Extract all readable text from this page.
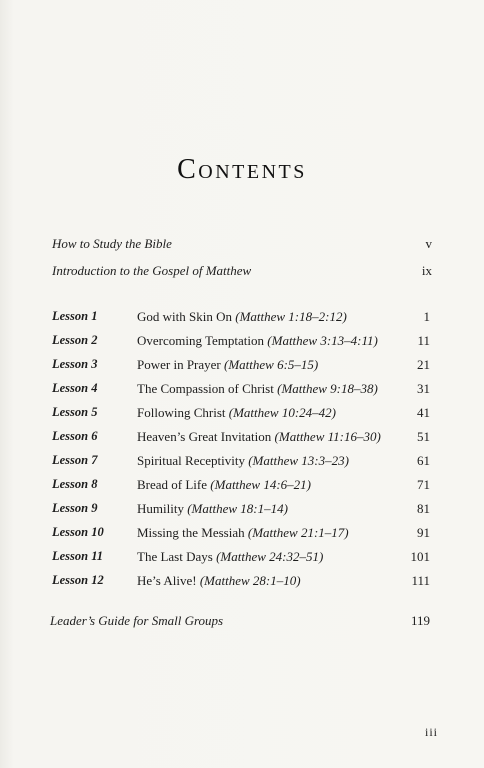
Contents
How to Study the Bible	v
Introduction to the Gospel of Matthew	ix
Lesson 1	God with Skin On (Matthew 1:18–2:12)	1
Lesson 2	Overcoming Temptation (Matthew 3:13–4:11)	11
Lesson 3	Power in Prayer (Matthew 6:5–15)	21
Lesson 4	The Compassion of Christ (Matthew 9:18–38)	31
Lesson 5	Following Christ (Matthew 10:24–42)	41
Lesson 6	Heaven’s Great Invitation (Matthew 11:16–30)	51
Lesson 7	Spiritual Receptivity (Matthew 13:3–23)	61
Lesson 8	Bread of Life (Matthew 14:6–21)	71
Lesson 9	Humility (Matthew 18:1–14)	81
Lesson 10	Missing the Messiah (Matthew 21:1–17)	91
Lesson 11	The Last Days (Matthew 24:32–51)	101
Lesson 12	He’s Alive! (Matthew 28:1–10)	111
Leader’s Guide for Small Groups	119
iii
